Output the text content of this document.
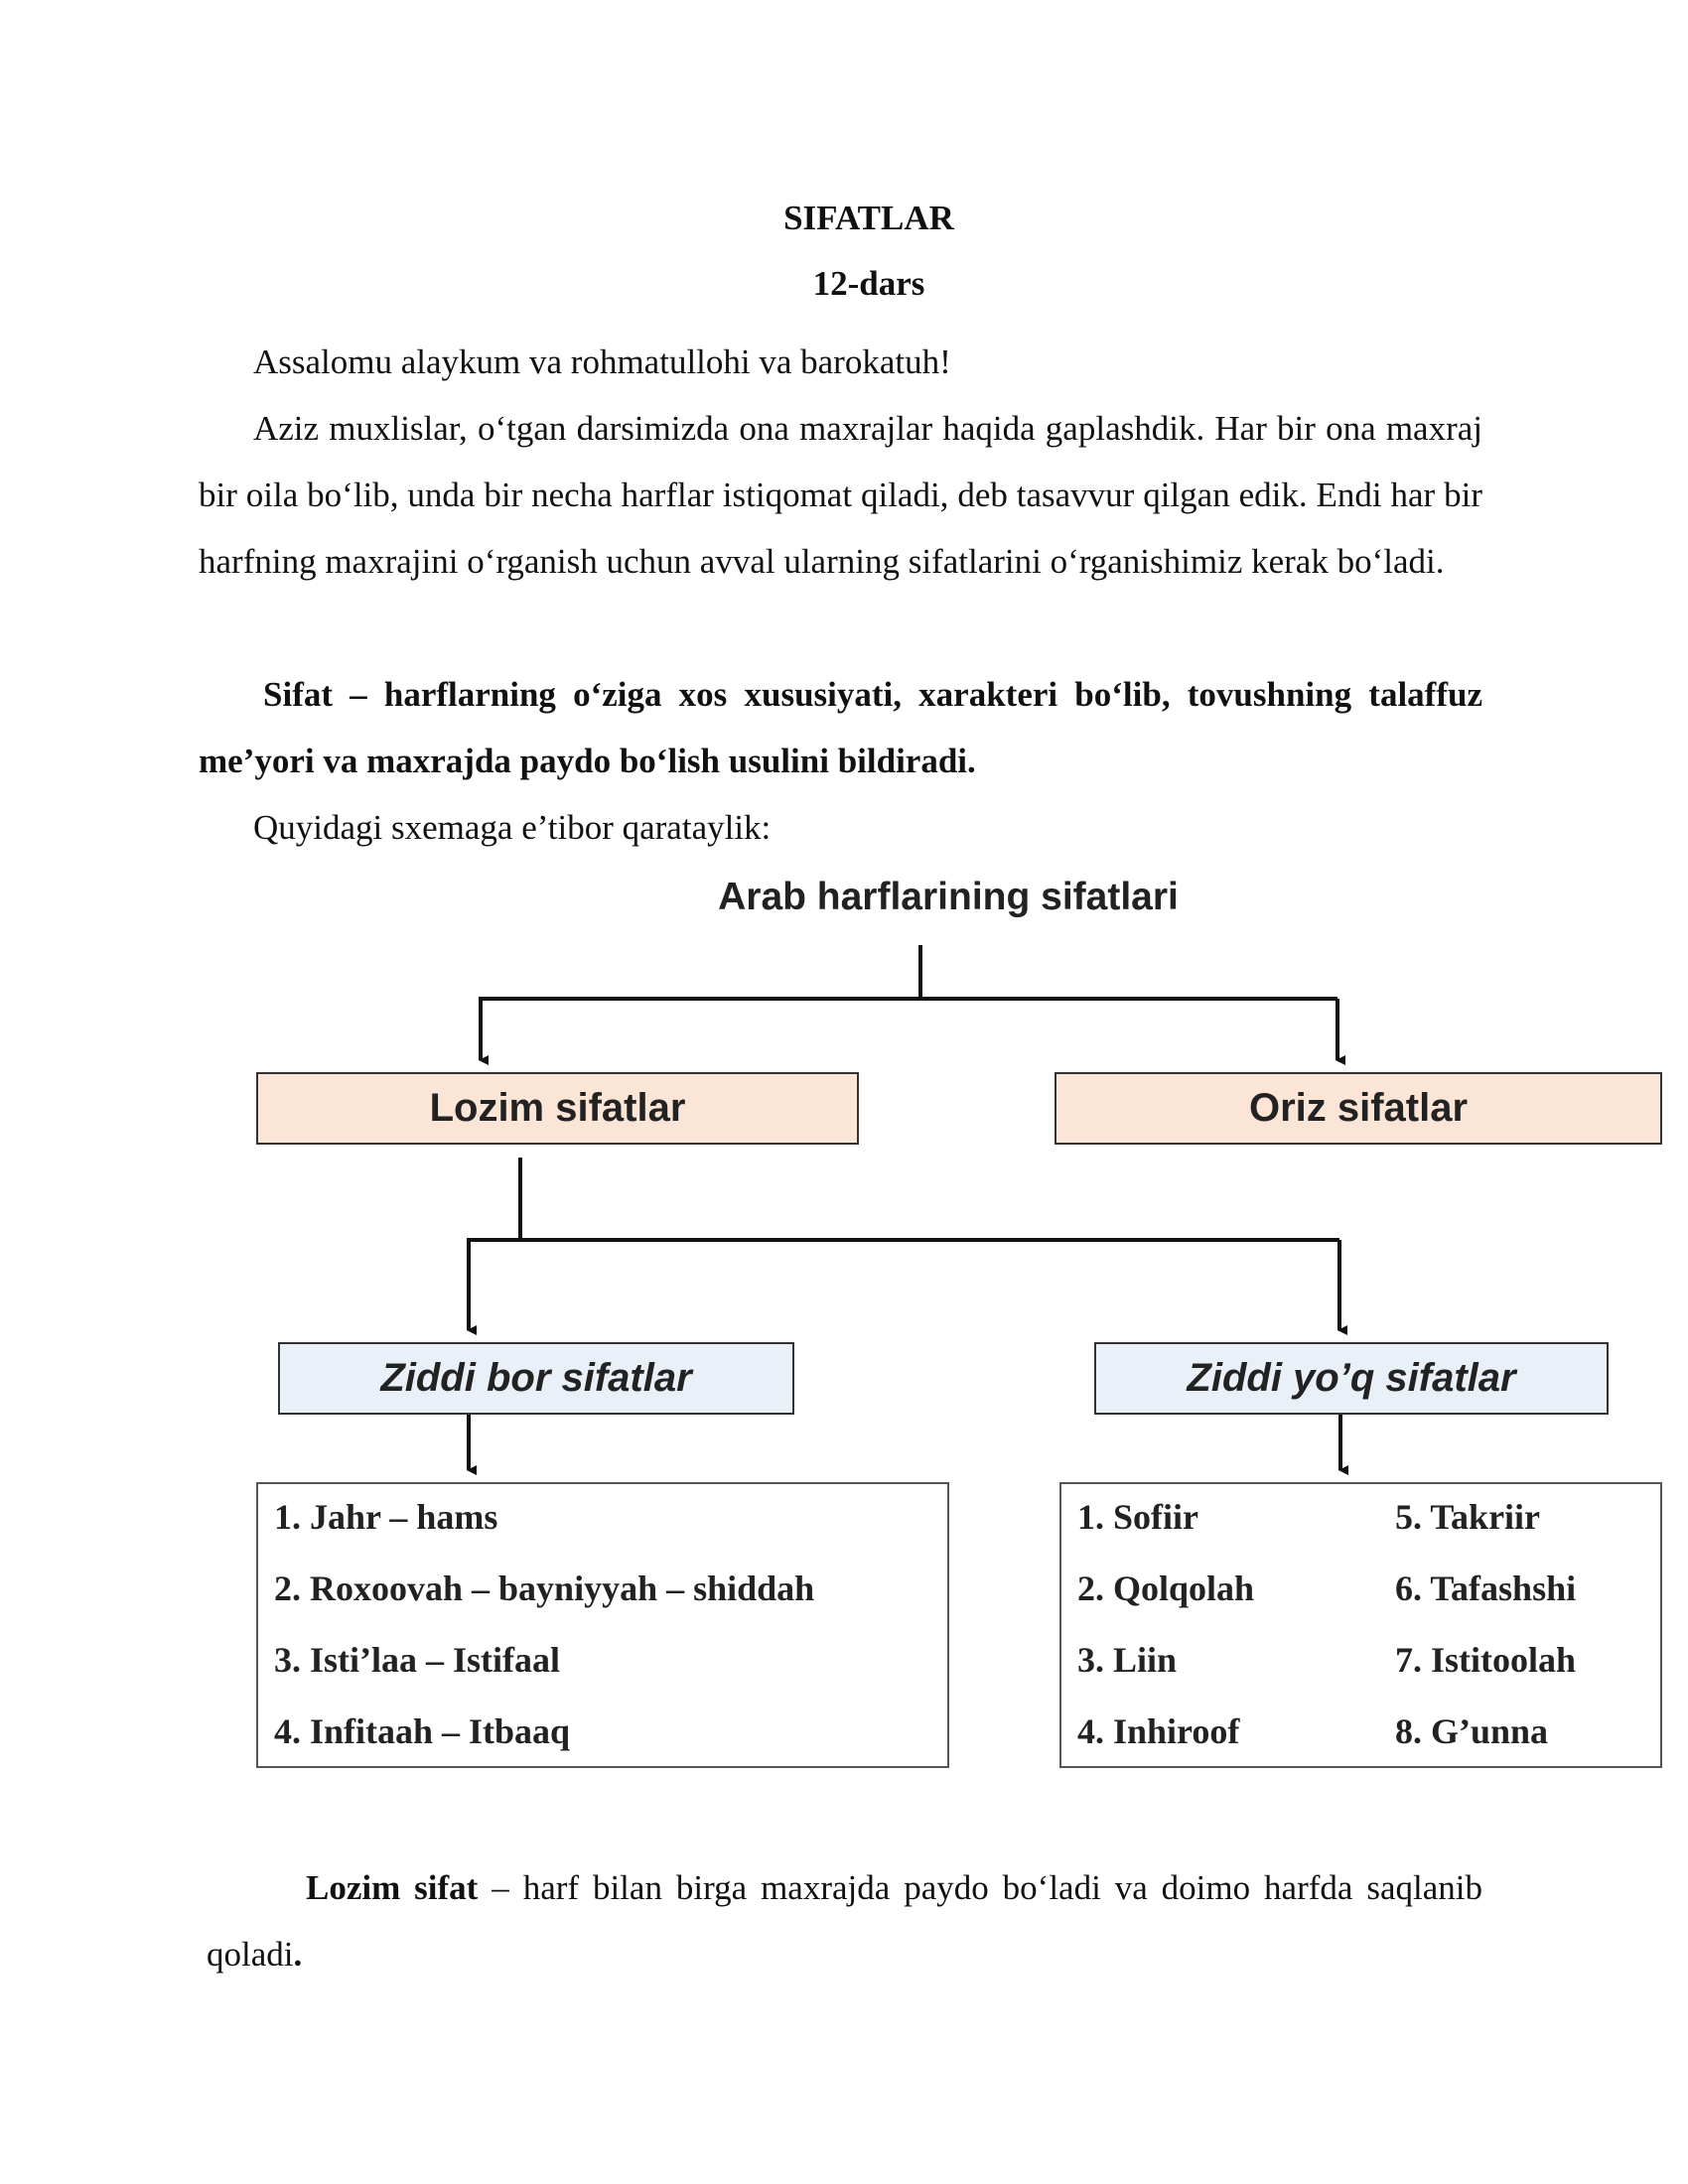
SIFATLAR
12-dars
Assalomu alaykum va rohmatullohi va barokatuh!
Aziz muxlislar, o‘tgan darsimizda ona maxrajlar haqida gaplashdik. Har bir ona maxraj bir oila bo‘lib, unda bir necha harflar istiqomat qiladi, deb tasavvur qilgan edik. Endi har bir harfning maxrajini o‘rganish uchun avval ularning sifatlarini o‘rganishimiz kerak bo‘ladi.
Sifat – harflarning o‘ziga xos xususiyati, xarakteri bo‘lib, tovushning talaffuz me’yori va maxrajda paydo bo‘lish usulini bildiradi.
Quyidagi sxemaga e’tibor qarataylik:
Arab harflarining sifatlari
Lozim sifatlar	Oriz sifatlar
Ziddi bor sifatlar	Ziddi yo’q sifatlar
1. Jahr – hams
2. Roxoovah – bayniyyah – shiddah
3. Isti’laa – Istifaal
4. Infitaah – Itbaaq
1. Sofiir
2. Qolqolah
3. Liin
4. Inhiroof
5. Takriir
6. Tafashshi
7. Istitoolah
8. G’unna
Lozim sifat – harf bilan birga maxrajda paydo bo‘ladi va doimo harfda saqlanib qoladi.
